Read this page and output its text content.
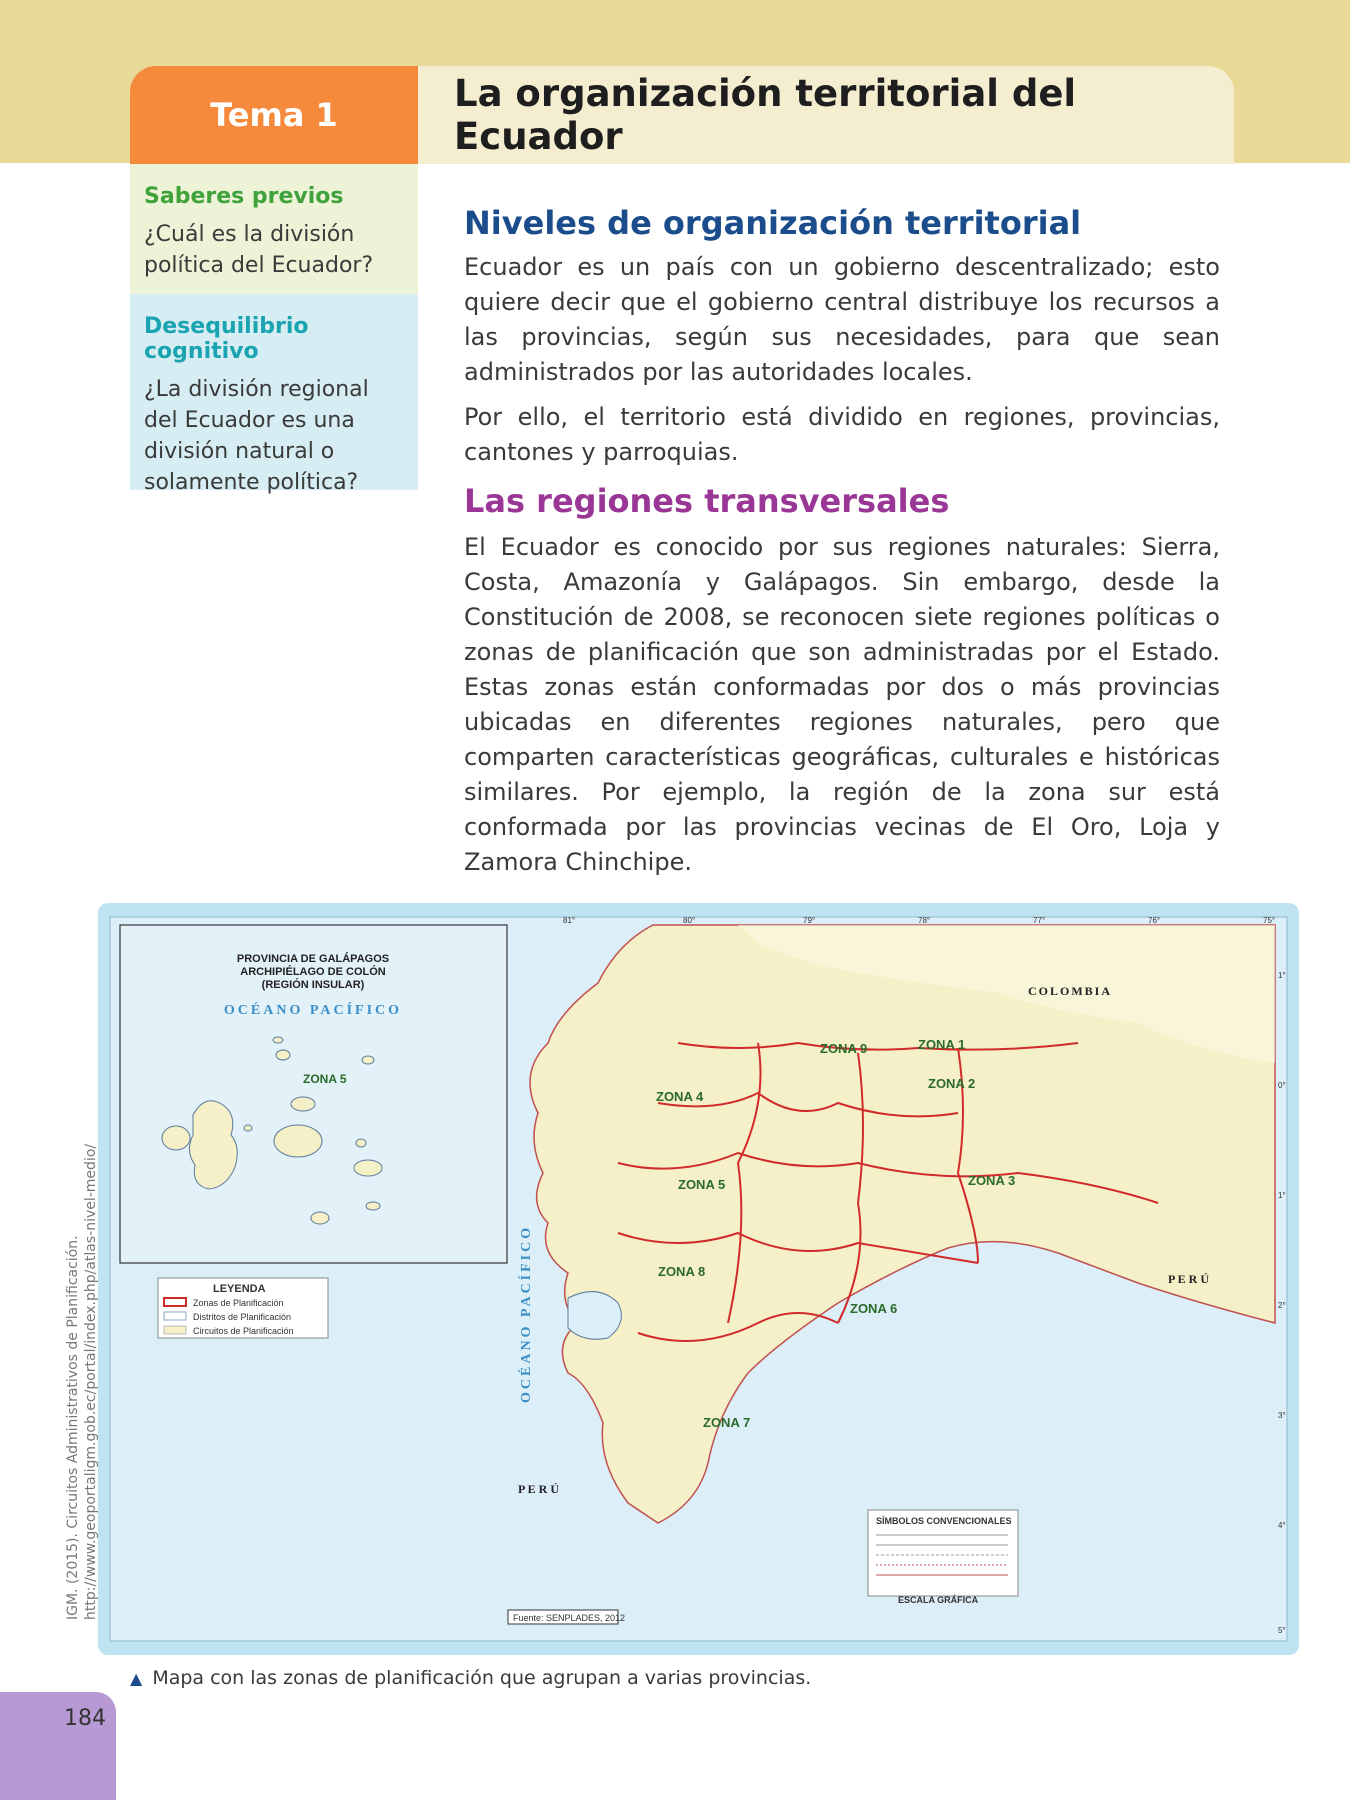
Tema 1	La organización territorial del Ecuador
Saberes previos
¿Cuál es la división política del Ecuador?
Desequilibrio cognitivo
¿La división regional del Ecuador es una división natural o solamente política?
Niveles de organización territorial

Ecuador es un país con un gobierno descentralizado; esto quiere decir que el gobierno central distribuye los recursos a las provincias, según sus necesidades, para que sean administrados por las autoridades locales.

Por ello, el territorio está dividido en regiones, provincias, cantones y parroquias.

Las regiones transversales

El Ecuador es conocido por sus regiones naturales: Sierra, Costa, Amazonía y Galápagos. Sin embargo, desde la Constitución de 2008, se reconocen siete regiones políticas o zonas de planificación que son administradas por el Estado. Estas zonas están conformadas por dos o más provincias ubicadas en diferentes regiones naturales, pero que comparten características geográficas, culturales e históricas similares. Por ejemplo, la región de la zona sur está conformada por las provincias vecinas de El Oro, Loja y Zamora Chinchipe.

PROVINCIA DE GALÁPAGOS
ARCHIPIÉLAGO DE COLÓN
(REGIÓN INSULAR)
OCÉANO PACÍFICO
ZONA 5
LEYENDA
Zonas de Planificación
Distritos de Planificación
Circuitos de Planificación
ZONA 1
ZONA 2
ZONA 3
ZONA 4
ZONA 5
ZONA 6
ZONA 7
ZONA 8
ZONA 9
COLOMBIA
P E R Ú
P E R Ú
OCÉANO PACÍFICO
SÍMBOLOS CONVENCIONALES
ESCALA GRÁFICA
Fuente: SENPLADES, 2012
81°	80°	79°	78°	77°	76°	75°
1°
0°
1°
2°
3°
4°
5°
IGM. (2015). Circuitos Administrativos de Planificación. http://www.geoportaligm.gob.ec/portal/index.php/atlas-nivel-medio/
▲ Mapa con las zonas de planificación que agrupan a varias provincias.
184
